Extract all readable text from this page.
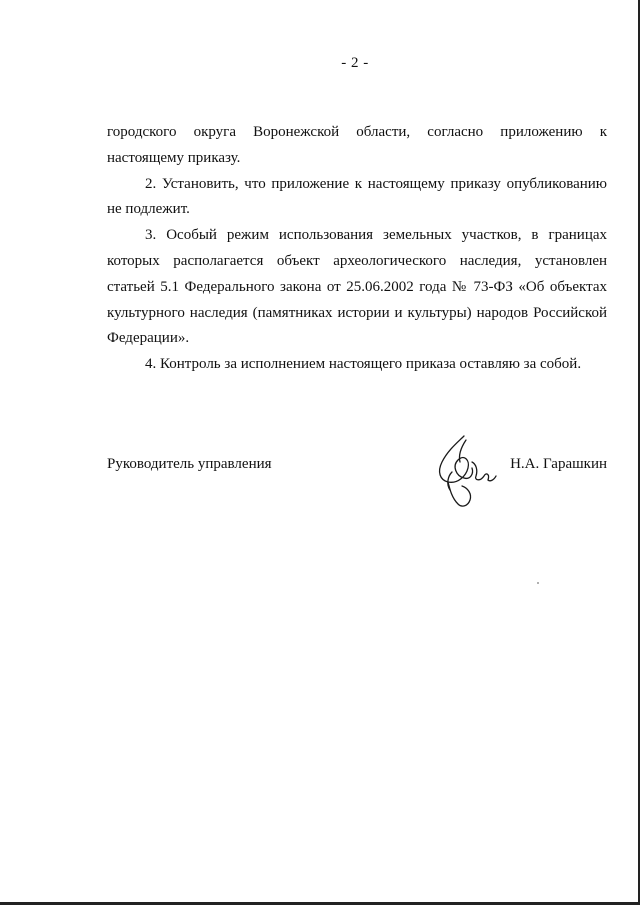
- 2 -

городского округа Воронежской области, согласно приложению к настоящему приказу.

2. Установить, что приложение к настоящему приказу опубликованию не подлежит.

3. Особый режим использования земельных участков, в границах которых располагается объект археологического наследия, установлен статьей 5.1 Федерального закона от 25.06.2002 года № 73-ФЗ «Об объектах культурного наследия (памятниках истории и культуры) народов Российской Федерации».

4. Контроль за исполнением настоящего приказа оставляю за собой.

Руководитель управления	Н.А. Гарашкин
